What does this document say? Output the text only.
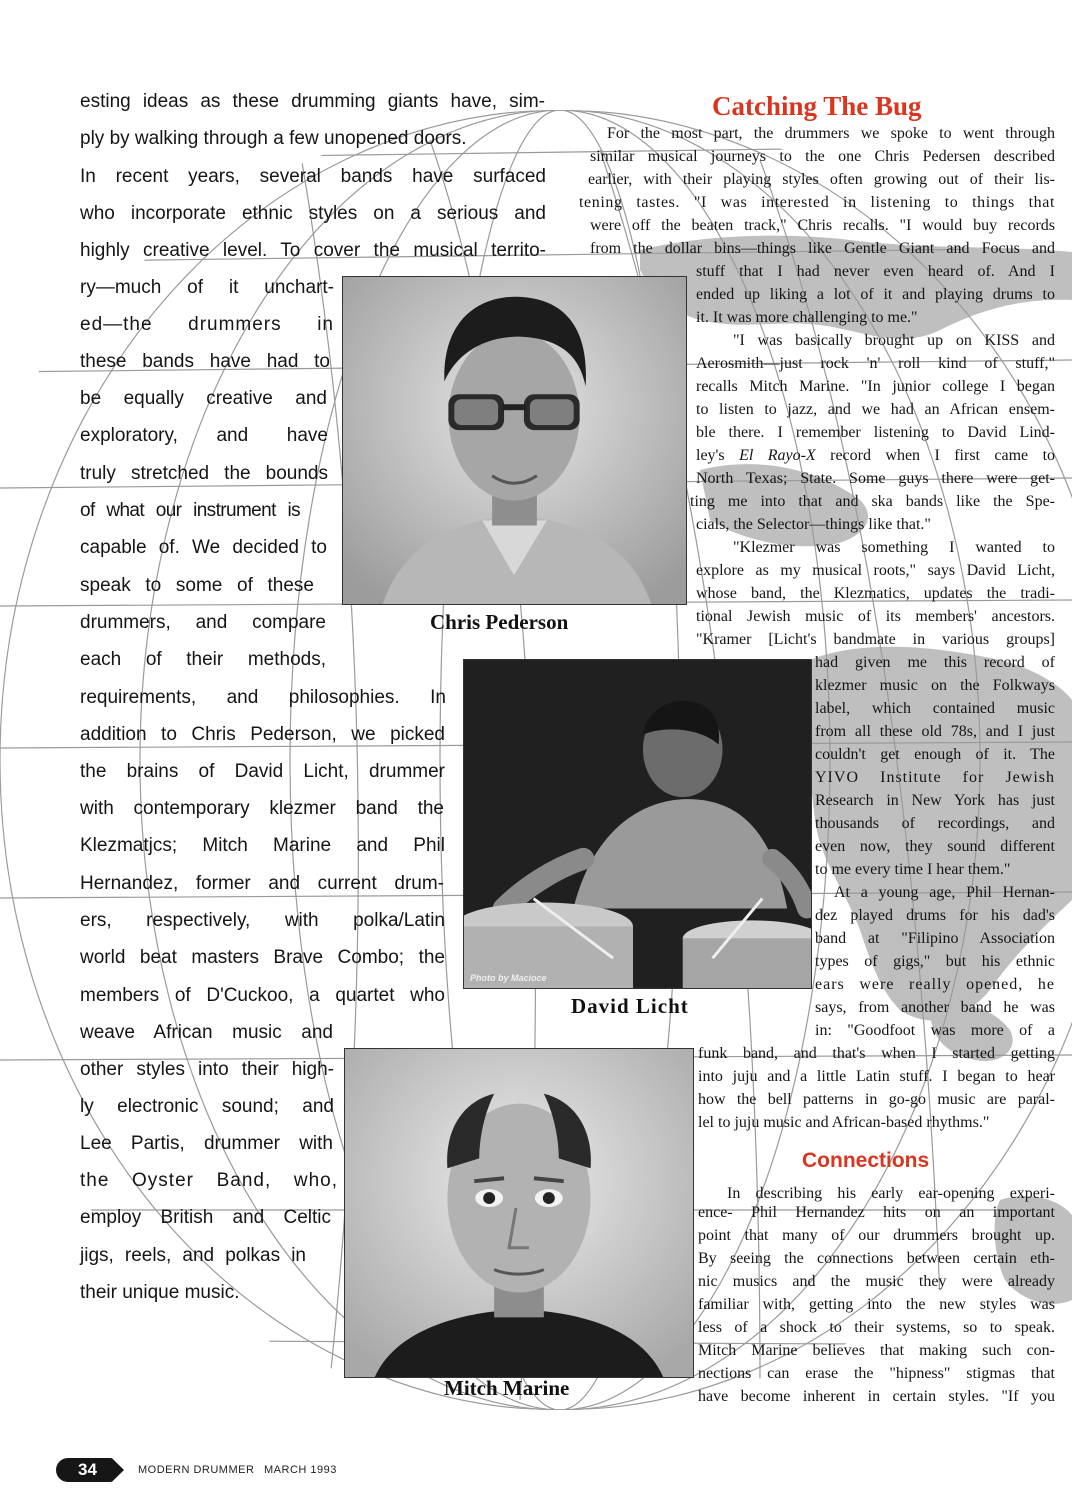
esting ideas as these drumming giants have, sim-
ply by walking through a few unopened doors.
In recent years, several bands have surfaced
who incorporate ethnic styles on a serious and
highly creative level. To cover the musical territo-
ry—much of it unchart-
ed—the drummers in
these bands have had to
be equally creative and
exploratory, and have
truly stretched the bounds
of what our instrument is
capable of. We decided to
speak to some of these
drummers, and compare
each of their methods,
requirements, and philosophies. In
addition to Chris Pederson, we picked
the brains of David Licht, drummer
with contemporary klezmer band the
Klezmatjcs; Mitch Marine and Phil
Hernandez, former and current drum-
ers, respectively, with polka/Latin
world beat masters Brave Combo; the
members of D'Cuckoo, a quartet who
weave African music and
other styles into their high-
ly electronic sound; and
Lee Partis, drummer with
the Oyster Band, who,
employ British and Celtic
jigs, reels, and polkas in
their unique music.
Chris Pederson
Photo by Macioce
David Licht
Mitch Marine
Catching The Bug
For the most part, the drummers we spoke to went through
similar musical journeys to the one Chris Pedersen described
earlier, with their playing styles often growing out of their lis-
tening tastes. "I was interested in listening to things that
were off the beaten track," Chris recalls. "I would buy records
from the dollar bins—things like Gentle Giant and Focus and
stuff that I had never even heard of. And I
ended up liking a lot of it and playing drums to
it. It was more challenging to me."
"I was basically brought up on KISS and
Aerosmith—just rock 'n' roll kind of stuff,"
recalls Mitch Marine. "In junior college I began
to listen to jazz, and we had an African ensem-
ble there. I remember listening to David Lind-
ley's El Rayo-X record when I first came to
North Texas; State. Some guys there were get-
ting me into that and ska bands like the Spe-
cials, the Selector—things like that."
"Klezmer was something I wanted to
explore as my musical roots," says David Licht,
whose band, the Klezmatics, updates the tradi-
tional Jewish music of its members' ancestors.
"Kramer [Licht's bandmate in various groups]
had given me this record of
klezmer music on the Folkways
label, which contained music
from all these old 78s, and I just
couldn't get enough of it. The
YIVO Institute for Jewish
Research in New York has just
thousands of recordings, and
even now, they sound different
to me every time I hear them."
At a young age, Phil Hernan-
dez played drums for his dad's
band at "Filipino Association
types of gigs," but his ethnic
ears were really opened, he
says, from another band he was
in: "Goodfoot was more of a
funk band, and that's when I started getting
into juju and a little Latin stuff. I began to hear
how the bell patterns in go-go music are paral-
lel to juju music and African-based rhythms."
Connections
In describing his early ear-opening experi-
ence- Phil Hernandez hits on an important
point that many of our drummers brought up.
By seeing the connections between certain eth-
nic musics and the music they were already
familiar with, getting into the new styles was
less of a shock to their systems, so to speak.
Mitch Marine believes that making such con-
nections can erase the "hipness" stigmas that
have become inherent in certain styles. "If you
34	MODERN DRUMMER MARCH 1993
